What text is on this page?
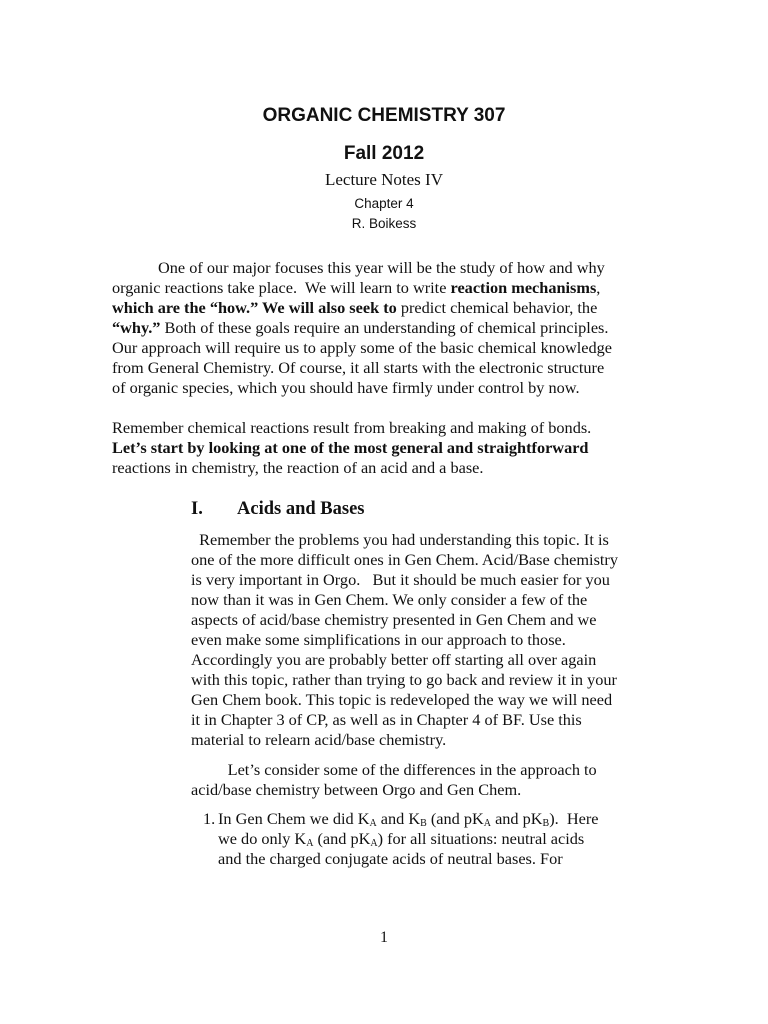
ORGANIC CHEMISTRY 307
Fall 2012
Lecture Notes IV
Chapter 4
R. Boikess
One of our major focuses this year will be the study of how and why
organic reactions take place.  We will learn to write reaction mechanisms,
which are the “how.” We will also seek to predict chemical behavior, the
“why.” Both of these goals require an understanding of chemical principles.
Our approach will require us to apply some of the basic chemical knowledge
from General Chemistry. Of course, it all starts with the electronic structure
of organic species, which you should have firmly under control by now.
Remember chemical reactions result from breaking and making of bonds.
Let’s start by looking at one of the most general and straightforward
reactions in chemistry, the reaction of an acid and a base.
I. Acids and Bases
Remember the problems you had understanding this topic. It is
one of the more difficult ones in Gen Chem. Acid/Base chemistry
is very important in Orgo.   But it should be much easier for you
now than it was in Gen Chem. We only consider a few of the
aspects of acid/base chemistry presented in Gen Chem and we
even make some simplifications in our approach to those.
Accordingly you are probably better off starting all over again
with this topic, rather than trying to go back and review it in your
Gen Chem book. This topic is redeveloped the way we will need
it in Chapter 3 of CP, as well as in Chapter 4 of BF. Use this
material to relearn acid/base chemistry.
Let’s consider some of the differences in the approach to
acid/base chemistry between Orgo and Gen Chem.
1. In Gen Chem we did KA and KB (and pKA and pKB).  Here
we do only KA (and pKA) for all situations: neutral acids
and the charged conjugate acids of neutral bases. For
1
